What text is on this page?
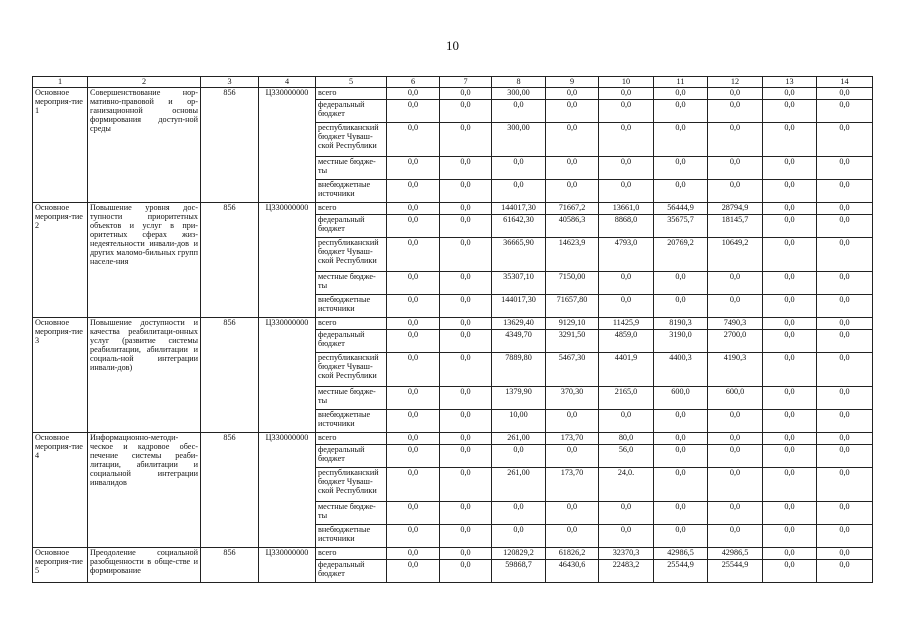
10
1	2	3	4	5	6	7	8	9	10	11	12	13	14
Основное мероприя-тие 1	Совершенствование нор-мативно-правовой и ор-ганизационной основы формирования доступ-ной среды	856	Ц330000000	всего	0,0	0,0	300,00	0,0	0,0	0,0	0,0	0,0	0,0
				федеральный бюджет	0,0	0,0	0,0	0,0	0,0	0,0	0,0	0,0	0,0
				республиканский бюджет Чуваш-ской Республики	0,0	0,0	300,00	0,0	0,0	0,0	0,0	0,0	0,0
				местные бюдже-ты	0,0	0,0	0,0	0,0	0,0	0,0	0,0	0,0	0,0
				внебюджетные источники	0,0	0,0	0,0	0,0	0,0	0,0	0,0	0,0	0,0
Основное мероприя-тие 2	Повышение уровня дос-тупности приоритетных объектов и услуг в при-оритетных сферах жиз-недеятельности инвали-дов и других маломо-бильных групп населе-ния	856	Ц330000000	всего	0,0	0,0	144017,30	71667,2	13661,0	56444,9	28794,9	0,0	0,0
				федеральный бюджет	0,0	0,0	61642,30	40586,3	8868,0	35675,7	18145,7	0,0	0,0
				республиканский бюджет Чуваш-ской Республики	0,0	0,0	36665,90	14623,9	4793,0	20769,2	10649,2	0,0	0,0
				местные бюдже-ты	0,0	0,0	35307,10	7150,00	0,0	0,0	0,0	0,0	0,0
				внебюджетные источники	0,0	0,0	144017,30	71657,80	0,0	0,0	0,0	0,0	0,0
Основное мероприя-тие 3	Повышение доступности и качества реабилитаци-онных услуг (развитие системы реабилитации, абилитации и социаль-ной интеграции инвали-дов)	856	Ц330000000	всего	0,0	0,0	13629,40	9129,10	11425,9	8190,3	7490,3	0,0	0,0
				федеральный бюджет	0,0	0,0	4349,70	3291,50	4859,0	3190,0	2700,0	0,0	0,0
				республиканский бюджет Чуваш-ской Республики	0,0	0,0	7889,80	5467,30	4401,9	4400,3	4190,3	0,0	0,0
				местные бюдже-ты	0,0	0,0	1379,90	370,30	2165,0	600,0	600,0	0,0	0,0
				внебюджетные источники	0,0	0,0	10,00	0,0	0,0	0,0	0,0	0,0	0,0
Основное мероприя-тие 4	Информационно-методи-ческое и кадровое обес-печение системы реаби-литации, абилитации и социальной интеграции инвалидов	856	Ц330000000	всего	0,0	0,0	261,00	173,70	80,0	0,0	0,0	0,0	0,0
				федеральный бюджет	0,0	0,0	0,0	0,0	56,0	0,0	0,0	0,0	0,0
				республиканский бюджет Чуваш-ской Республики	0,0	0,0	261,00	173,70	24,0.	0,0	0,0	0,0	0,0
				местные бюдже-ты	0,0	0,0	0,0	0,0	0,0	0,0	0,0	0,0	0,0
				внебюджетные источники	0,0	0,0	0,0	0,0	0,0	0,0	0,0	0,0	0,0
Основное мероприя-тие 5	Преодоление социальной разобщенности в обще-стве и формирование	856	Ц330000000	всего	0,0	0,0	120829,2	61826,2	32370,3	42986,5	42986,5	0,0	0,0
				федеральный бюджет	0,0	0,0	59868,7	46430,6	22483,2	25544,9	25544,9	0,0	0,0
